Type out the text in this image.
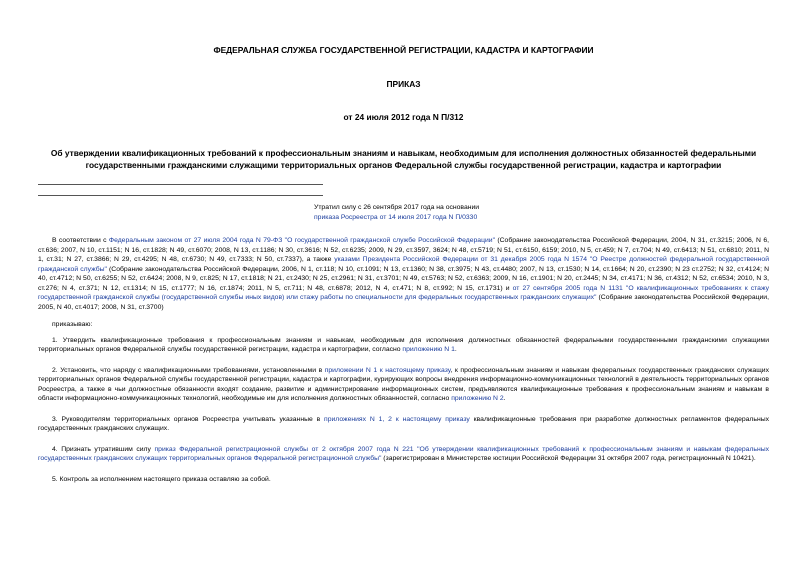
ФЕДЕРАЛЬНАЯ СЛУЖБА ГОСУДАРСТВЕННОЙ РЕГИСТРАЦИИ, КАДАСТРА И КАРТОГРАФИИ

ПРИКАЗ

от 24 июля 2012 года N П/312

Об утверждении квалификационных требований к профессиональным знаниям и навыкам, необходимым для исполнения должностных обязанностей федеральными государственными гражданскими служащими территориальных органов Федеральной службы государственной регистрации, кадастра и картографии

Утратил силу с 26 сентября 2017 года на основании
приказа Росреестра от 14 июля 2017 года N П/0330

В соответствии с Федеральным законом от 27 июля 2004 года N 79-ФЗ "О государственной гражданской службе Российской Федерации" (Собрание законодательства Российской Федерации, 2004, N 31, ст.3215; 2006, N 6, ст.636; 2007, N 10, ст.1151; N 16, ст.1828; N 49, ст.6070; 2008, N 13, ст.1186; N 30, ст.3616; N 52, ст.6235; 2009, N 29, ст.3597, 3624; N 48, ст.5719; N 51, ст.6150, 6159; 2010, N 5, ст.459; N 7, ст.704; N 49, ст.6413; N 51, ст.6810; 2011, N 1, ст.31; N 27, ст.3866; N 29, ст.4295; N 48, ст.6730; N 49, ст.7333; N 50, ст.7337), а также указами Президента Российской Федерации от 31 декабря 2005 года N 1574 "О Реестре должностей федеральной государственной гражданской службы" (Собрание законодательства Российской Федерации, 2006, N 1, ст.118; N 10, ст.1091; N 13, ст.1360; N 38, ст.3975; N 43, ст.4480; 2007, N 13, ст.1530; N 14, ст.1664; N 20, ст.2390; N 23 ст.2752; N 32, ст.4124; N 40, ст.4712; N 50, ст.6255; N 52, ст.6424; 2008, N 9, ст.825; N 17, ст.1818; N 21, ст.2430; N 25, ст.2961; N 31, ст.3701; N 49, ст.5763; N 52, ст.6363; 2009, N 16, ст.1901; N 20, ст.2445; N 34, ст.4171; N 36, ст.4312; N 52, ст.6534; 2010, N 3, ст.276; N 4, ст.371; N 12, ст.1314; N 15, ст.1777; N 16, ст.1874; 2011, N 5, ст.711; N 48, ст.6878; 2012, N 4, ст.471; N 8, ст.992; N 15, ст.1731) и от 27 сентября 2005 года N 1131 "О квалификационных требованиях к стажу государственной гражданской службы (государственной службы иных видов) или стажу работы по специальности для федеральных государственных гражданских служащих" (Собрание законодательства Российской Федерации, 2005, N 40, ст.4017; 2008, N 31, ст.3700)

приказываю:

1. Утвердить квалификационные требования к профессиональным знаниям и навыкам, необходимым для исполнения должностных обязанностей федеральными государственными гражданскими служащими территориальных органов Федеральной службы государственной регистрации, кадастра и картографии, согласно приложению N 1.

2. Установить, что наряду с квалификационными требованиями, установленными в приложении N 1 к настоящему приказу, к профессиональным знаниям и навыкам федеральных государственных гражданских служащих территориальных органов Федеральной службы государственной регистрации, кадастра и картографии, курирующих вопросы внедрения информационно-коммуникационных технологий в деятельность территориальных органов Росреестра, а также в чьи должностные обязанности входят создание, развитие и администрирование информационных систем, предъявляются квалификационные требования к профессиональным знаниям и навыкам в области информационно-коммуникационных технологий, необходимые им для исполнения должностных обязанностей, согласно приложению N 2.

3. Руководителям территориальных органов Росреестра учитывать указанные в приложениях N 1, 2 к настоящему приказу квалификационные требования при разработке должностных регламентов федеральных государственных гражданских служащих.

4. Признать утратившим силу приказ Федеральной регистрационной службы от 2 октября 2007 года N 221 "Об утверждении квалификационных требований к профессиональным знаниям и навыкам федеральных государственных гражданских служащих территориальных органов Федеральной регистрационной службы" (зарегистрирован в Министерстве юстиции Российской Федерации 31 октября 2007 года, регистрационный N 10421).

5. Контроль за исполнением настоящего приказа оставляю за собой.
